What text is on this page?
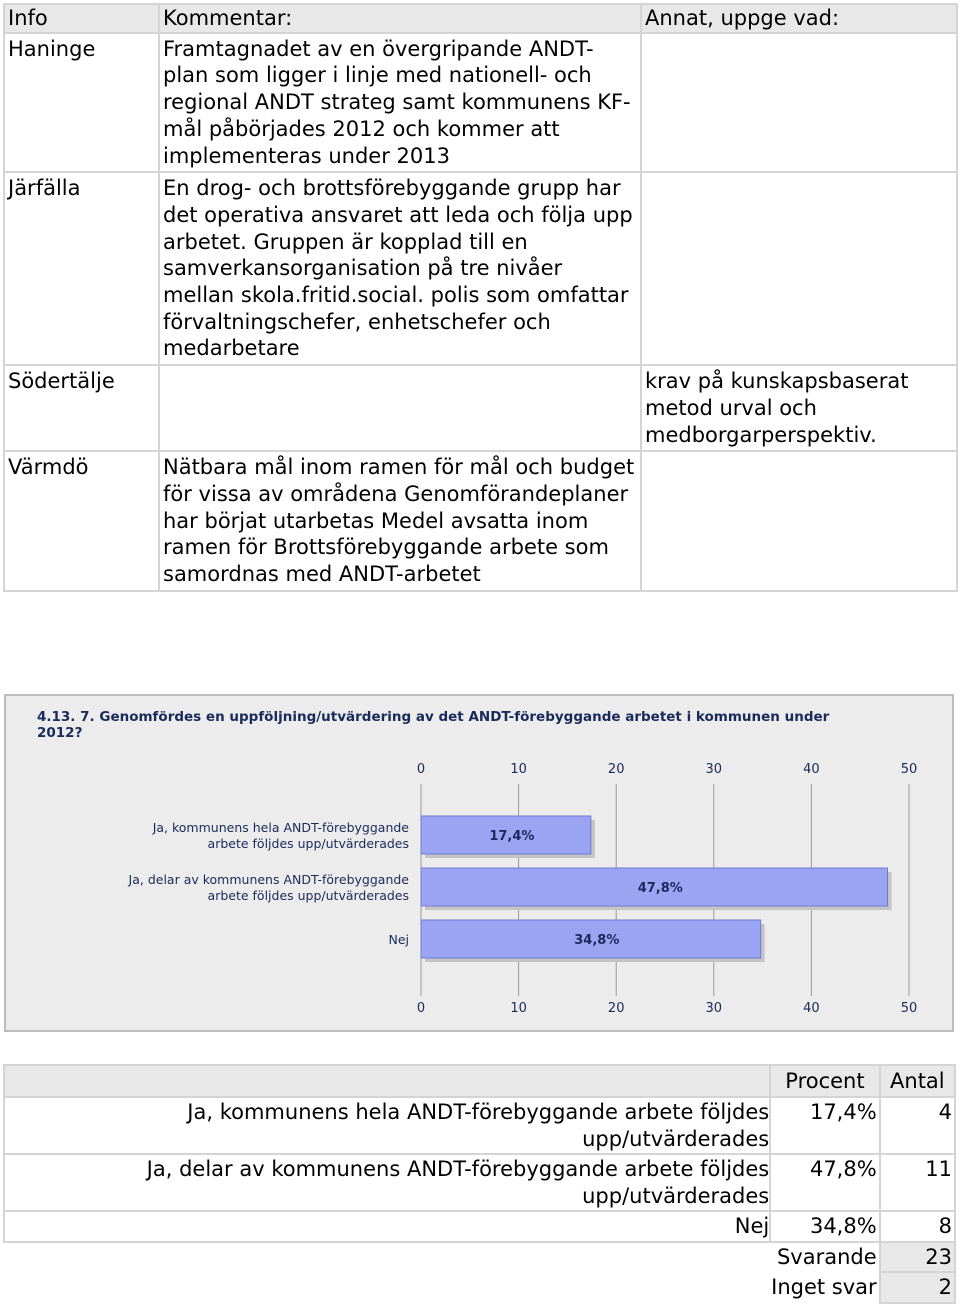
Info	Kommentar:	Annat, uppge vad:
Haninge	Framtagnadet av en övergripande ANDT-plan som ligger i linje med nationell- och regional ANDT strateg samt kommunens KF-mål påbörjades 2012 och kommer att implementeras under 2013	
Järfälla	En drog- och brottsförebyggande grupp har det operativa ansvaret att leda och följa upp arbetet. Gruppen är kopplad till en samverkansorganisation på tre nivåer mellan skola.fritid.social. polis som omfattar förvaltningschefer, enhetschefer och medarbetare	
Södertälje		krav på kunskapsbaserat metod urval och medborgarperspektiv.
Värmdö	Nätbara mål inom ramen för mål och budget för vissa av områdena Genomförandeplaner har börjat utarbetas Medel avsatta inom ramen för Brottsförebyggande arbete som samordnas med ANDT-arbetet	
4.13. 7. Genomfördes en uppföljning/utvärdering av det ANDT-förebyggande arbetet i kommunen under
2012?
0
0
10
10
20
20
30
30
40
40
50
50
17,4%
Ja, kommunens hela ANDT-förebyggande
arbete följdes upp/utvärderades
47,8%
Ja, delar av kommunens ANDT-förebyggande
arbete följdes upp/utvärderades
34,8%
Nej
	Procent	Antal
Ja, kommunens hela ANDT-förebyggande arbete följdes upp/utvärderades	17,4%	4
Ja, delar av kommunens ANDT-förebyggande arbete följdes upp/utvärderades	47,8%	11
Nej	34,8%	8
Svarande		23
Inget svar		2
